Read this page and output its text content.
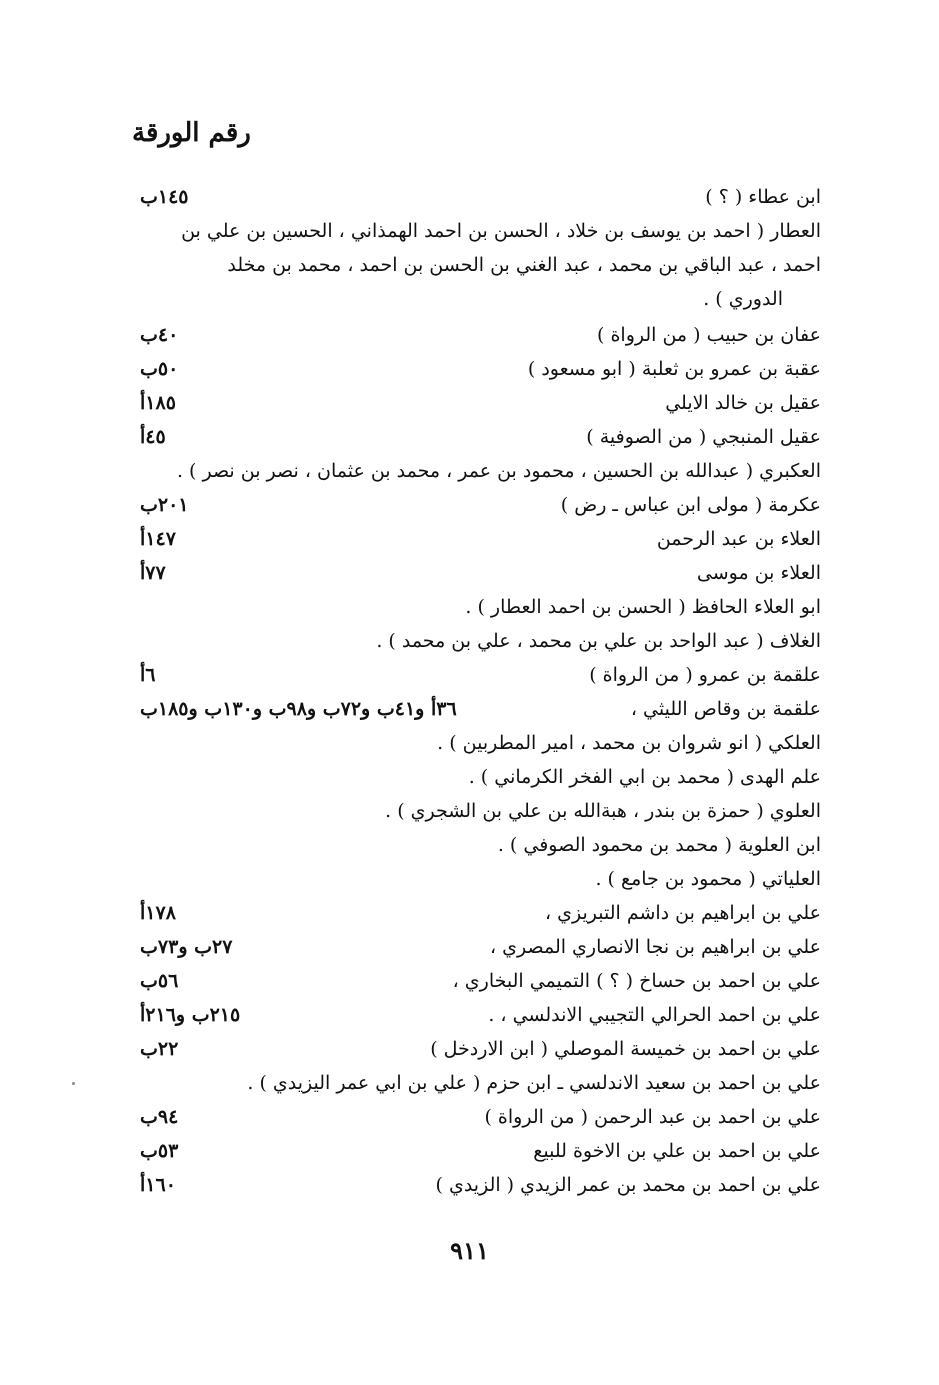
رقم الورقة
ابن عطاء ( ؟ )
١٤٥ب
العطار ( احمد بن يوسف بن خلاد ، الحسن بن احمد الهمذاني ، الحسين بن علي بن احمد ، عبد الباقي بن محمد ، عبد الغني بن الحسن بن احمد ، محمد بن مخلد
الدوري ) .
عفان بن حبيب ( من الرواة )
٤٠ب
عقبة بن عمرو بن ثعلبة ( ابو مسعود )
٥٠ب
عقيل بن خالد الايلي
١٨٥أ
عقيل المنبجي ( من الصوفية )
٤٥أ
العكبري ( عبدالله بن الحسين ، محمود بن عمر ، محمد بن عثمان ، نصر بن نصر ) .
عكرمة ( مولى ابن عباس ـ رض )
٢٠١ب
العلاء بن عبد الرحمن
١٤٧أ
العلاء بن موسى
٧٧أ
ابو العلاء الحافظ ( الحسن بن احمد العطار ) .
الغلاف ( عبد الواحد بن علي بن محمد ، علي بن محمد ) .
علقمة بن عمرو ( من الرواة )
٦أ
علقمة بن وقاص الليثي ،
٣٦أ و٤١ب و٧٢ب و٩٨ب و١٣٠ب و١٨٥ب
العلكي ( انو شروان بن محمد ، امير المطربين ) .
علم الهدى ( محمد بن ابي الفخر الكرماني ) .
العلوي ( حمزة بن بندر ، هبةالله بن علي بن الشجري ) .
ابن العلوية ( محمد بن محمود الصوفي ) .
العلياتي ( محمود بن جامع ) .
علي بن ابراهيم بن داشم التبريزي ،
١٧٨أ
علي بن ابراهيم بن نجا الانصاري المصري ،
٢٧ب و٧٣ب
علي بن احمد بن حساخ ( ؟ ) التميمي البخاري ،
٥٦ب
علي بن احمد الحرالي التجيبي الاندلسي ، .
٢١٥ب و٢١٦أ
علي بن احمد بن خميسة الموصلي ( ابن الاردخل )
٢٢ب
علي بن احمد بن سعيد الاندلسي ـ ابن حزم ( علي بن ابي عمر اليزيدي ) .
علي بن احمد بن عبد الرحمن ( من الرواة )
٩٤ب
علي بن احمد بن علي بن الاخوة للبيع
٥٣ب
علي بن احمد بن محمد بن عمر الزيدي ( الزيدي )
١٦٠أ
٩١١
